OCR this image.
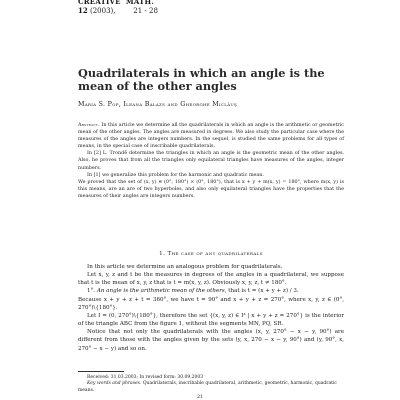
CREATIVE  MATH.
12 (2003),        21 - 28
Quadrilaterals in which an angle is the mean of the other angles
Maria S. Pop, Ileana Balazs and Gheorghe Miclăuş

Abstract. In this article we determine all the quadrilaterals in which an angle is the arithmetic or geometric mean of the other angles. The angles are measured in degrees. We also study the particular case where the measures of the angles are integers numbers. In the sequel, is studied the same problems for all types of means, in the special case of inscribable quadrilaterals.

In [2] L. Trondẽ determine the triangles in which an angle is the geometric mean of the other angles. Also, he proves that from all the triangles only equilateral triangles have measures of the angles, integer numbers.

In [1] we generalize this problem for the harmonic and quadratic mean.

We proved that the set of (x, y) ∈ (0°, 180°) × (0°, 180°), that is x + y + m(x, y) = 180°, where m(x, y) is this means, are an are of two hyperboles, and also only equilateral triangles have the properties that the measures of their angles are integers numbers.

1. The case of any quadrilaterals

In this article we determine an analogous problem for quadrilaterals.

Let x, y, z and t be the measures in degrees of the angles in a quadrilateral, we suppose that t is the mean of x, y, z that is t = m(x, y, z). Obviously x, y, z, t ≠ 180°.

1°. An angle is the arithmetic mean of the others, that is t = (x + y + z) / 3.

Because x + y + z + t = 360°, we have t = 90° and x + y + z = 270°, where x, y, z ∈ (0°, 270°)\{180°}.

Let I = (0, 270°)\{180°}, therefore the set {(x, y, z) ∈ I³ | x + y + z = 270°} is the interior of the triangle ABC from the figure 1, without the segments MN, PQ, SR.

Notice that not only the quadrilaterals with the angles (x, y, 270° − x − y, 90°) are different from those with the angles given by the sets (y, x, 270 − x − y, 90°) and (y, 90°, x, 270° − x − y) and so on.

Received: 31.03.2003; In revised form: 30.09.2003

Key words and phrases. Quadrilaterals, inscribable quadrilateral, arithmetic, geometric, harmonic, quadratic means.

21
